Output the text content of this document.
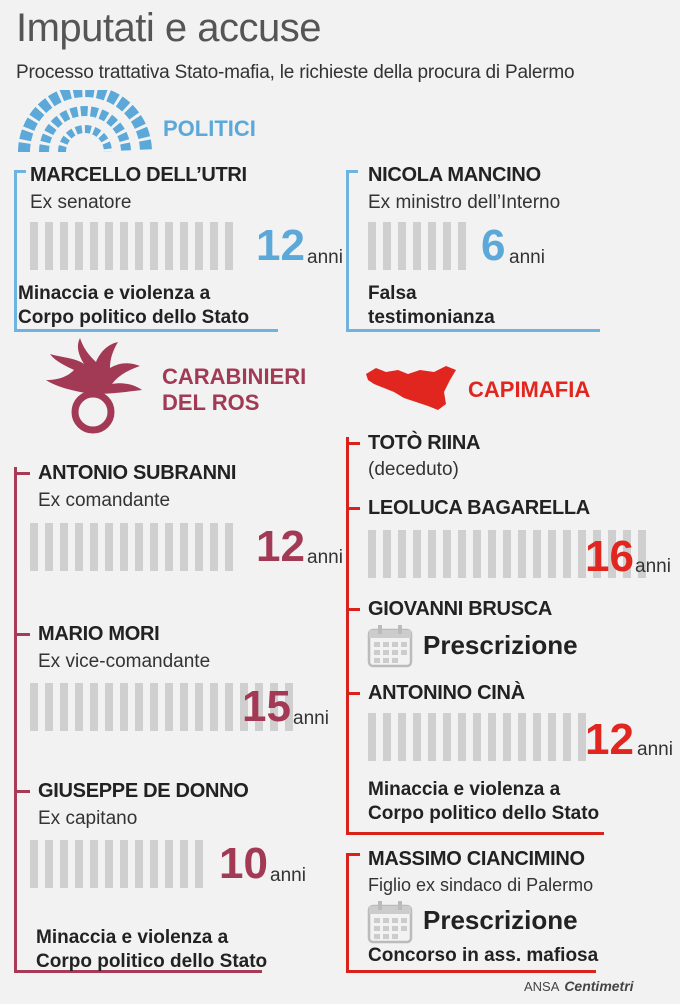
Imputati e accuse
Processo trattativa Stato-mafia, le richieste della procura di Palermo
POLITICI
MARCELLO DELL’UTRI
Ex senatore
12 anni
Minaccia e violenza a
Corpo politico dello Stato
NICOLA MANCINO
Ex ministro dell’Interno
6 anni
Falsa
testimonianza
CARABINIERI
DEL ROS
ANTONIO SUBRANNI
Ex comandante
12 anni
MARIO MORI
Ex vice-comandante
15 anni
GIUSEPPE DE DONNO
Ex capitano
10 anni
Minaccia e violenza a
Corpo politico dello Stato
CAPIMAFIA
TOTÒ RIINA
(deceduto)
LEOLUCA BAGARELLA
16 anni
GIOVANNI BRUSCA
Prescrizione
ANTONINO CINÀ
12 anni
Minaccia e violenza a
Corpo politico dello Stato
MASSIMO CIANCIMINO
Figlio ex sindaco di Palermo
Prescrizione
Concorso in ass. mafiosa
ANSA Centimetri
